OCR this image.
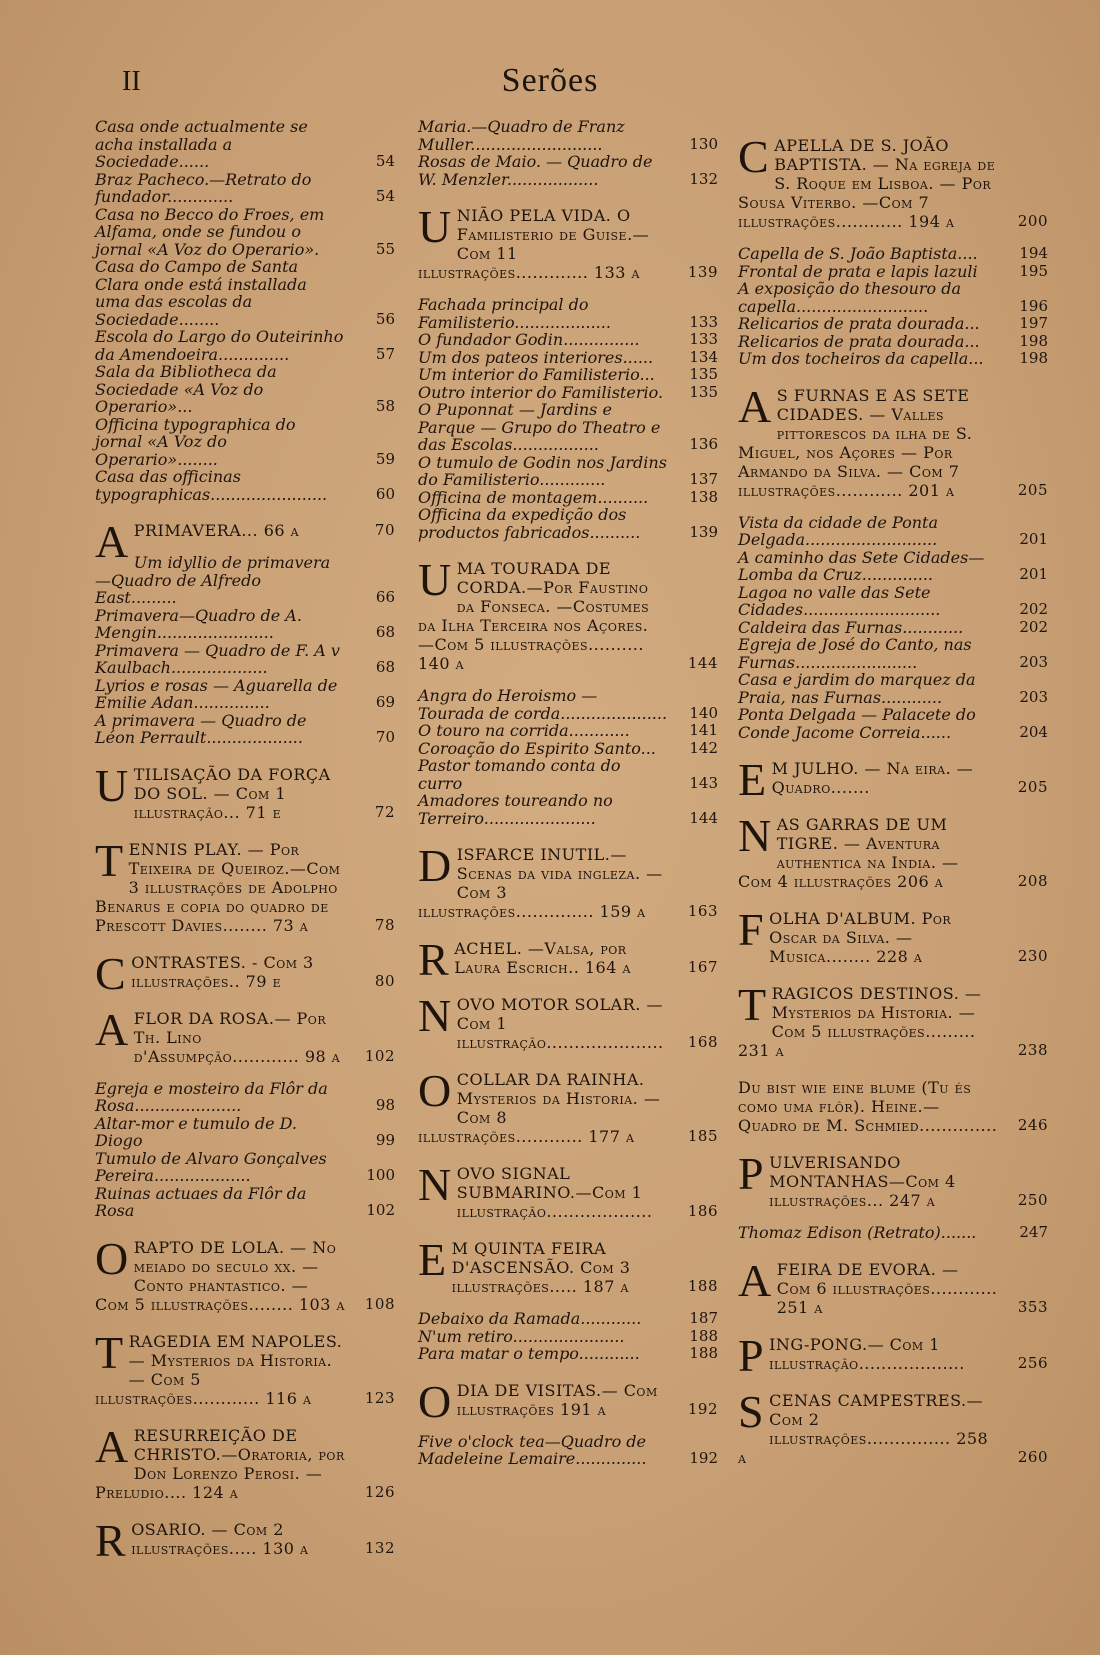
II	Serões
Casa onde actualmente se acha installada a Sociedade......	54
Braz Pacheco.—Retrato do fundador.............	54
Casa no Becco do Froes, em Alfama, onde se fundou o jornal «A Voz do Operario».	55
Casa do Campo de Santa Clara onde está installada uma das escolas da Sociedade........	56
Escola do Largo do Outeirinho da Amendoeira..............	57
Sala da Bibliotheca da Sociedade «A Voz do Operario»...	58
Officina typographica do jornal «A Voz do Operario»........	59
Casa das officinas typographicas.......................	60
APRIMAVERA... 66 a	70
Um idyllio de primavera—Quadro de Alfredo East.........	66
Primavera—Quadro de A. Mengin.......................	68
Primavera — Quadro de F. A v Kaulbach...................	68
Lyrios e rosas — Aguarella de Emilie Adan...............	69
A primavera — Quadro de Léon Perrault...................	70
UTILISAÇÃO DA FORÇA DO SOL. — Com 1 illustração... 71 e	72
TENNIS PLAY. — Por Teixeira de Queiroz.—Com 3 illustrações de Adolpho Benarus e copia do quadro de Prescott Davies........ 73 a	78
CONTRASTES. - Com 3 illustrações.. 79 e	80
AFLOR DA ROSA.— Por Th. Lino d'Assumpção............ 98 a	102
Egreja e mosteiro da Flôr da Rosa.....................	98
Altar-mor e tumulo de D. Diogo	99
Tumulo de Alvaro Gonçalves Pereira...................	100
Ruinas actuaes da Flôr da Rosa	102
ORAPTO DE LOLA. — No meiado do seculo xx. — Conto phantastico. — Com 5 illustrações........ 103 a	108
TRAGEDIA EM NAPOLES. — Mysterios da Historia. — Com 5 illustrações............ 116 a	123
ARESURREIÇÃO DE CHRISTO.—Oratoria, por Don Lorenzo Perosi. —Preludio.... 124 a	126
ROSARIO. — Com 2 illustrações..... 130 a	132
Maria.—Quadro de Franz Muller..........................	130
Rosas de Maio. — Quadro de W. Menzler..................	132
UNIÃO PELA VIDA. O Familisterio de Guise.—Com 11 illustrações............. 133 a	139
Fachada principal do Familisterio...................	133
O fundador Godin...............	133
Um dos pateos interiores......	134
Um interior do Familisterio...	135
Outro interior do Familisterio.	135
O Puponnat — Jardins e Parque — Grupo do Theatro e das Escolas.................	136
O tumulo de Godin nos Jardins do Familisterio.............	137
Officina de montagem..........	138
Officina da expedição dos productos fabricados..........	139
UMA TOURADA DE CORDA.—Por Faustino da Fonseca. —Costumes da Ilha Terceira nos Açores. —Com 5 illustrações.......... 140 a	144
Angra do Heroismo — Tourada de corda.....................	140
O touro na corrida............	141
Coroação do Espirito Santo...	142
Pastor tomando conta do curro	143
Amadores toureando no Terreiro......................	144
DISFARCE INUTIL.— Scenas da vida ingleza. — Com 3 illustrações.............. 159 a	163
RACHEL. —Valsa, por Laura Escrich.. 164 a	167
NOVO MOTOR SOLAR. — Com 1 illustração.....................	168
OCOLLAR DA RAINHA. Mysterios da Historia. — Com 8 illustrações............ 177 a	185
NOVO SIGNAL SUBMARINO.—Com 1 illustração...................	186
E M QUINTA FEIRA D'ASCENSÃO. Com 3 illustrações..... 187 a	188
Debaixo da Ramada............	187
N'um retiro......................	188
Para matar o tempo............	188
ODIA DE VISITAS.— Com illustrações 191 a	192
Five o'clock tea—Quadro de Madeleine Lemaire..............	192
CAPELLA DE S. JOÃO BAPTISTA. — Na egreja de S. Roque em Lisboa. — Por Sousa Viterbo. —Com 7 illustrações............ 194 a	200
Capella de S. João Baptista....	194
Frontal de prata e lapis lazuli	195
A exposição do thesouro da capella..........................	196
Relicarios de prata dourada...	197
Relicarios de prata dourada...	198
Um dos tocheiros da capella...	198
A S FURNAS E AS SETE CIDADES. — Valles pittorescos da ilha de S. Miguel, nos Açores — Por Armando da Silva. — Com 7 illustrações............ 201 a	205
Vista da cidade de Ponta Delgada..........................	201
A caminho das Sete Cidades— Lomba da Cruz..............	201
Lagoa no valle das Sete Cidades...........................	202
Caldeira das Furnas............	202
Egreja de José do Canto, nas Furnas........................	203
Casa e jardim do marquez da Praia, nas Furnas............	203
Ponta Delgada — Palacete do Conde Jacome Correia......	204
E M JULHO. — Na eira. — Quadro.......	205
NAS GARRAS DE UM TIGRE. — Aventura authentica na India. — Com 4 illustrações 206 a	208
FOLHA D'ALBUM. Por Oscar da Silva. — Musica........ 228 a	230
TRAGICOS DESTINOS. — Mysterios da Historia. — Com 5 illustrações......... 231 a	238
Du bist wie eine blume (Tu és como uma flôr). Heine.— Quadro de M. Schmied..............	246
PULVERISANDO MONTANHAS—Com 4 illustrações... 247 a	250
Thomaz Edison (Retrato).......	247
AFEIRA DE EVORA. — Com 6 illustrações............ 251 a	353
PING-PONG.— Com 1 illustração...................	256
SCENAS CAMPESTRES.—Com 2 illustrações............... 258 a	260
